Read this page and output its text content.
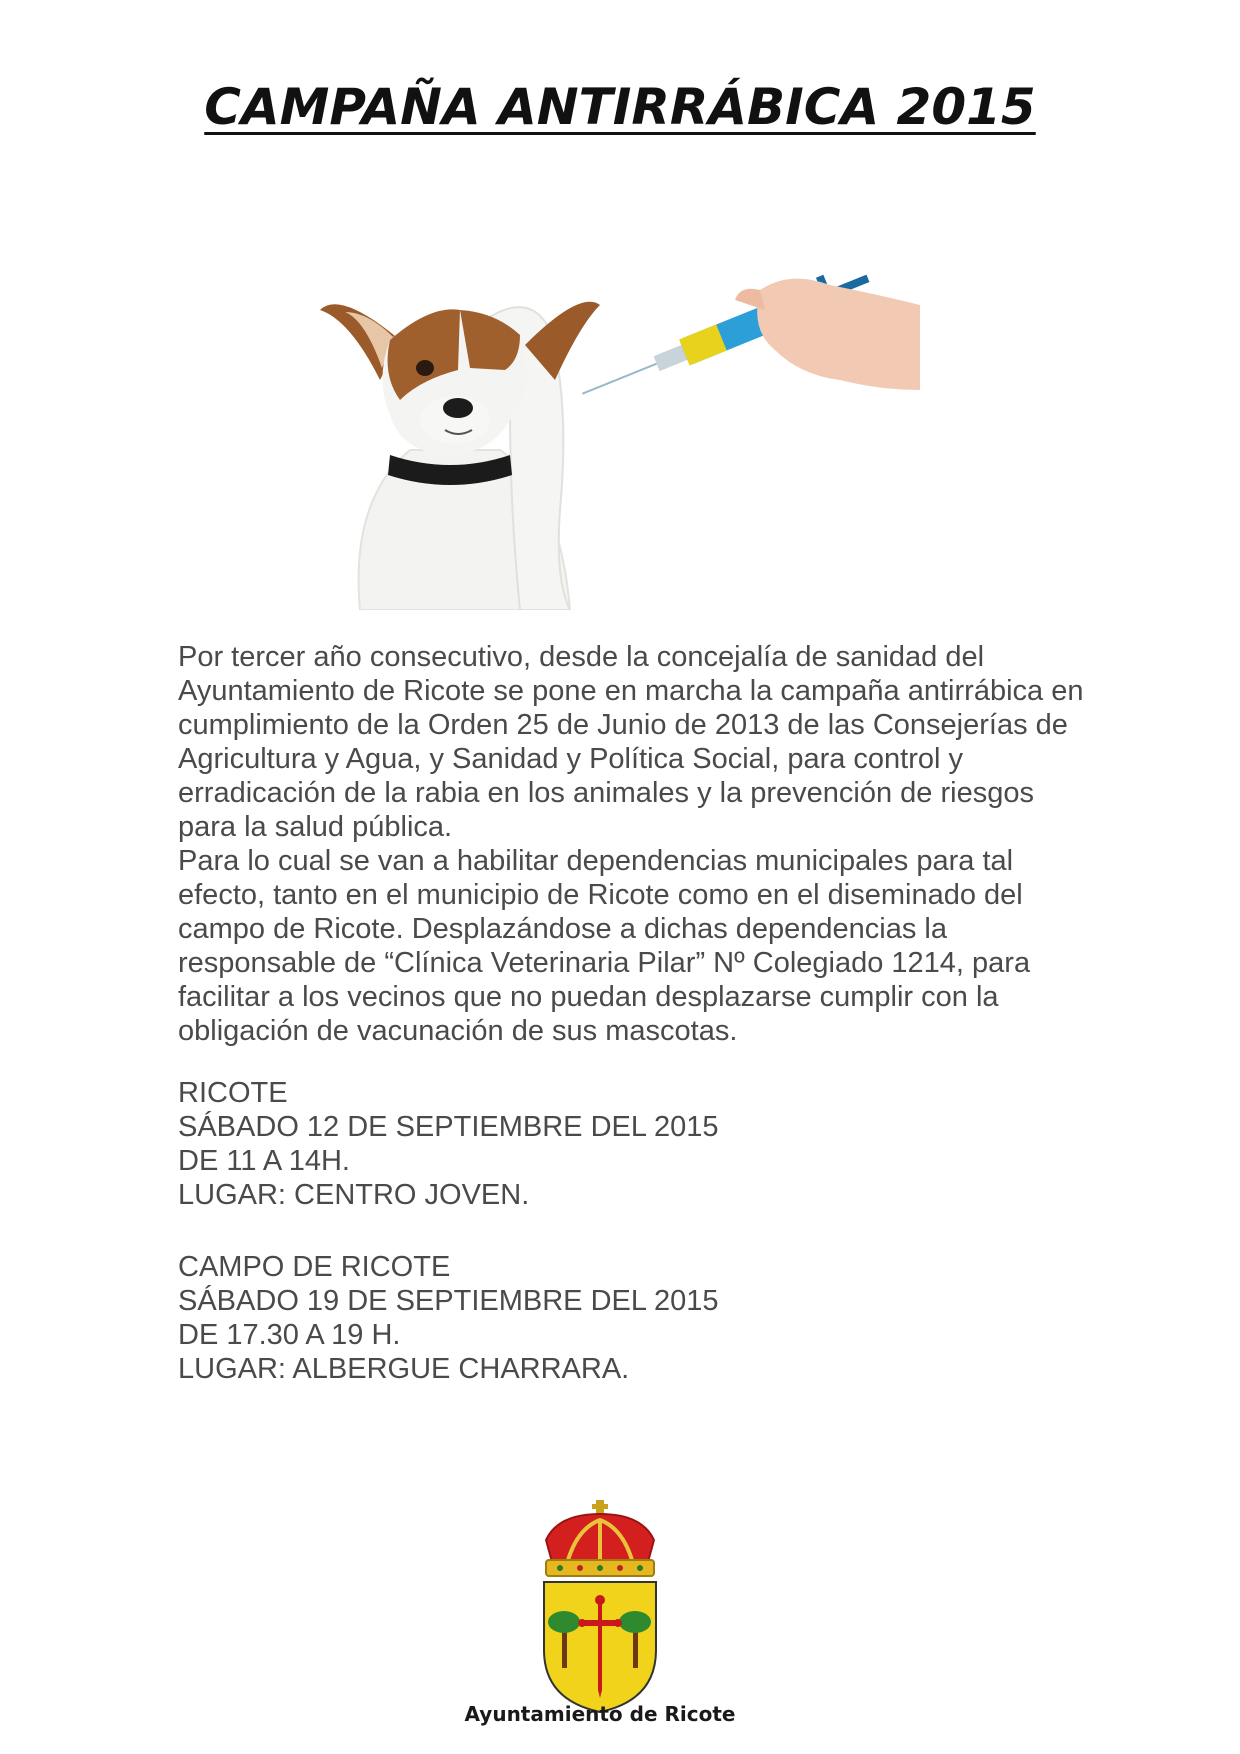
CAMPAÑA ANTIRRÁBICA 2015

Por tercer año consecutivo, desde la concejalía de sanidad del Ayuntamiento de Ricote se pone en marcha la campaña antirrábica en cumplimiento de la Orden 25 de Junio de 2013 de las Consejerías de Agricultura y Agua, y Sanidad y Política Social, para control y erradicación de la rabia en los animales y la prevención de riesgos para la salud pública.

Para lo cual se van a habilitar dependencias municipales para tal efecto, tanto en el municipio de Ricote como en el diseminado del campo de Ricote. Desplazándose a dichas dependencias la responsable de “Clínica Veterinaria Pilar” Nº Colegiado 1214, para facilitar a los vecinos que no puedan desplazarse cumplir con la obligación de vacunación de sus mascotas.

RICOTE
SÁBADO 12 DE SEPTIEMBRE DEL 2015
DE 11 A 14H.
LUGAR: CENTRO JOVEN.
CAMPO DE RICOTE
SÁBADO 19 DE SEPTIEMBRE DEL 2015
DE 17.30 A 19 H.
LUGAR: ALBERGUE CHARRARA.
Ayuntamiento de Ricote
